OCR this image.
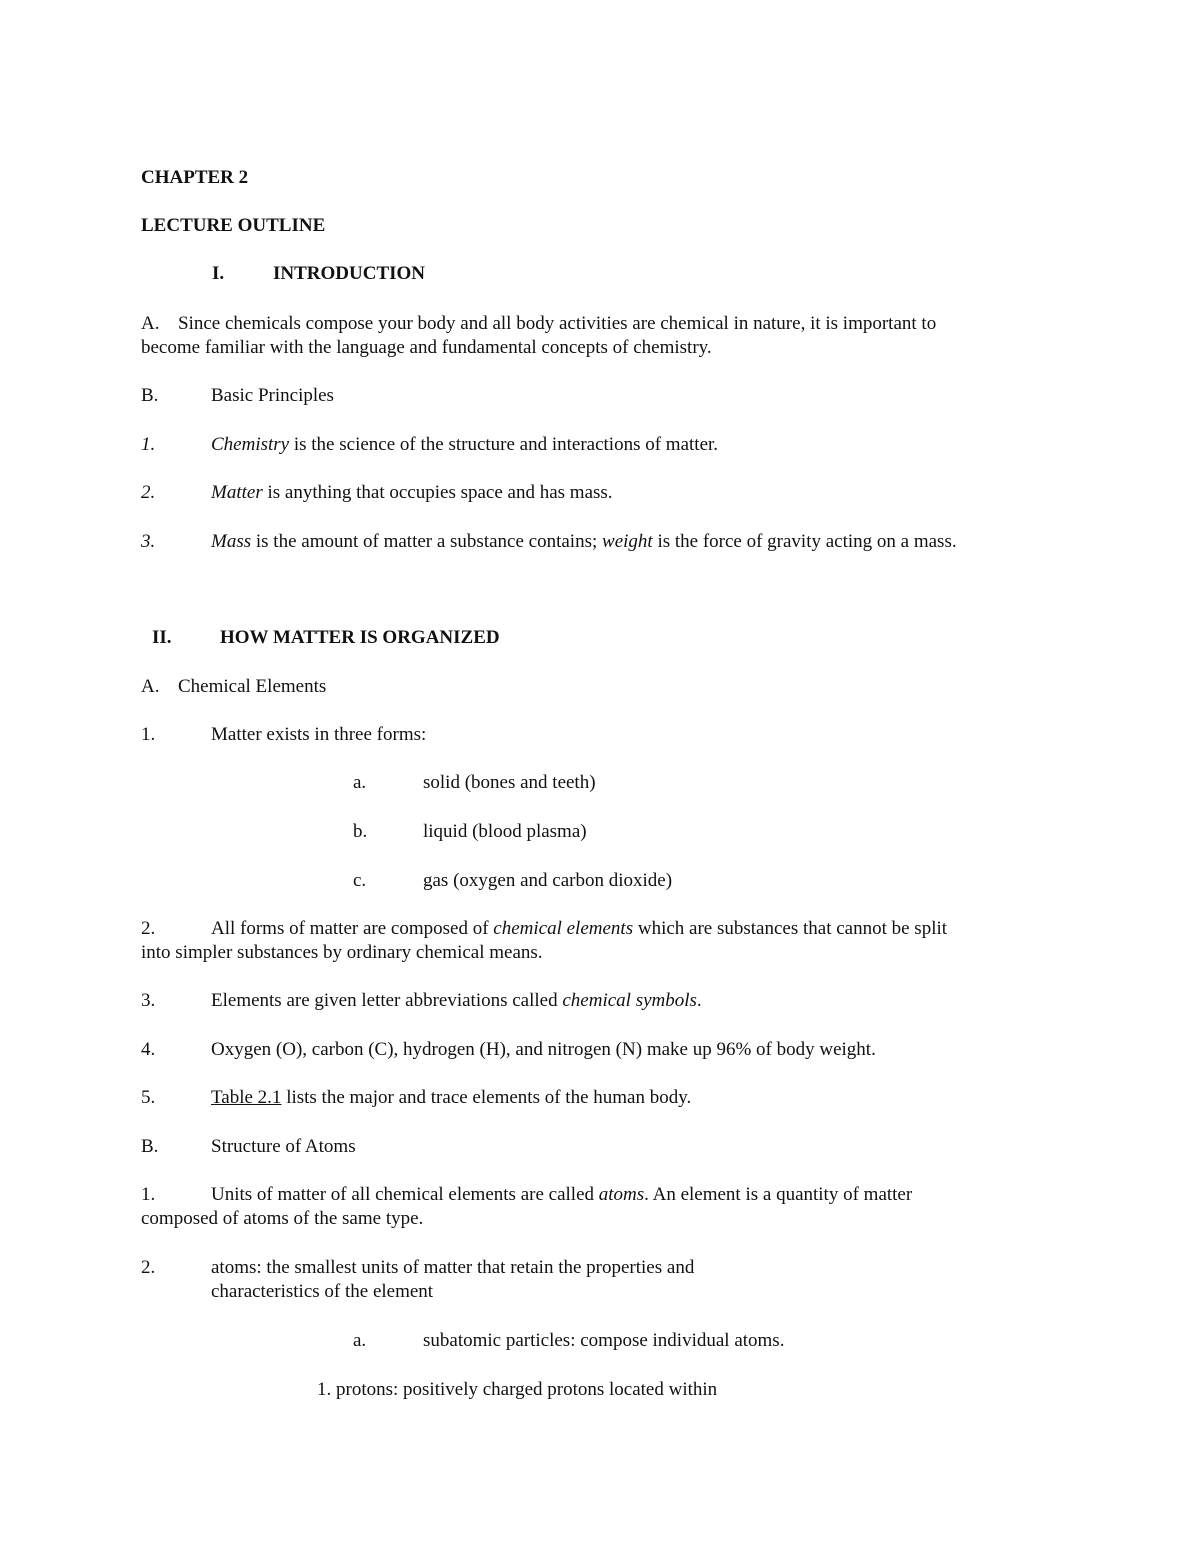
CHAPTER 2
LECTURE OUTLINE
I.	INTRODUCTION
A. Since chemicals compose your body and all body activities are chemical in nature, it is important to
become familiar with the language and fundamental concepts of chemistry.
B.	Basic Principles
1.	Chemistry is the science of the structure and interactions of matter.
2.	Matter is anything that occupies space and has mass.
3.	Mass is the amount of matter a substance contains; weight is the force of gravity acting on a mass.
II.	HOW MATTER IS ORGANIZED
A. Chemical Elements
1.	Matter exists in three forms:
a.	solid (bones and teeth)
b.	liquid (blood plasma)
c.	gas (oxygen and carbon dioxide)
2.	All forms of matter are composed of chemical elements which are substances that cannot be split
into simpler substances by ordinary chemical means.
3.	Elements are given letter abbreviations called chemical symbols.
4.	Oxygen (O), carbon (C), hydrogen (H), and nitrogen (N) make up 96% of body weight.
5.	Table 2.1 lists the major and trace elements of the human body.
B.	Structure of Atoms
1.	Units of matter of all chemical elements are called atoms. An element is a quantity of matter
composed of atoms of the same type.
2.	atoms: the smallest units of matter that retain the properties and
characteristics of the element
a.	subatomic particles: compose individual atoms.
1. protons: positively charged protons located within
